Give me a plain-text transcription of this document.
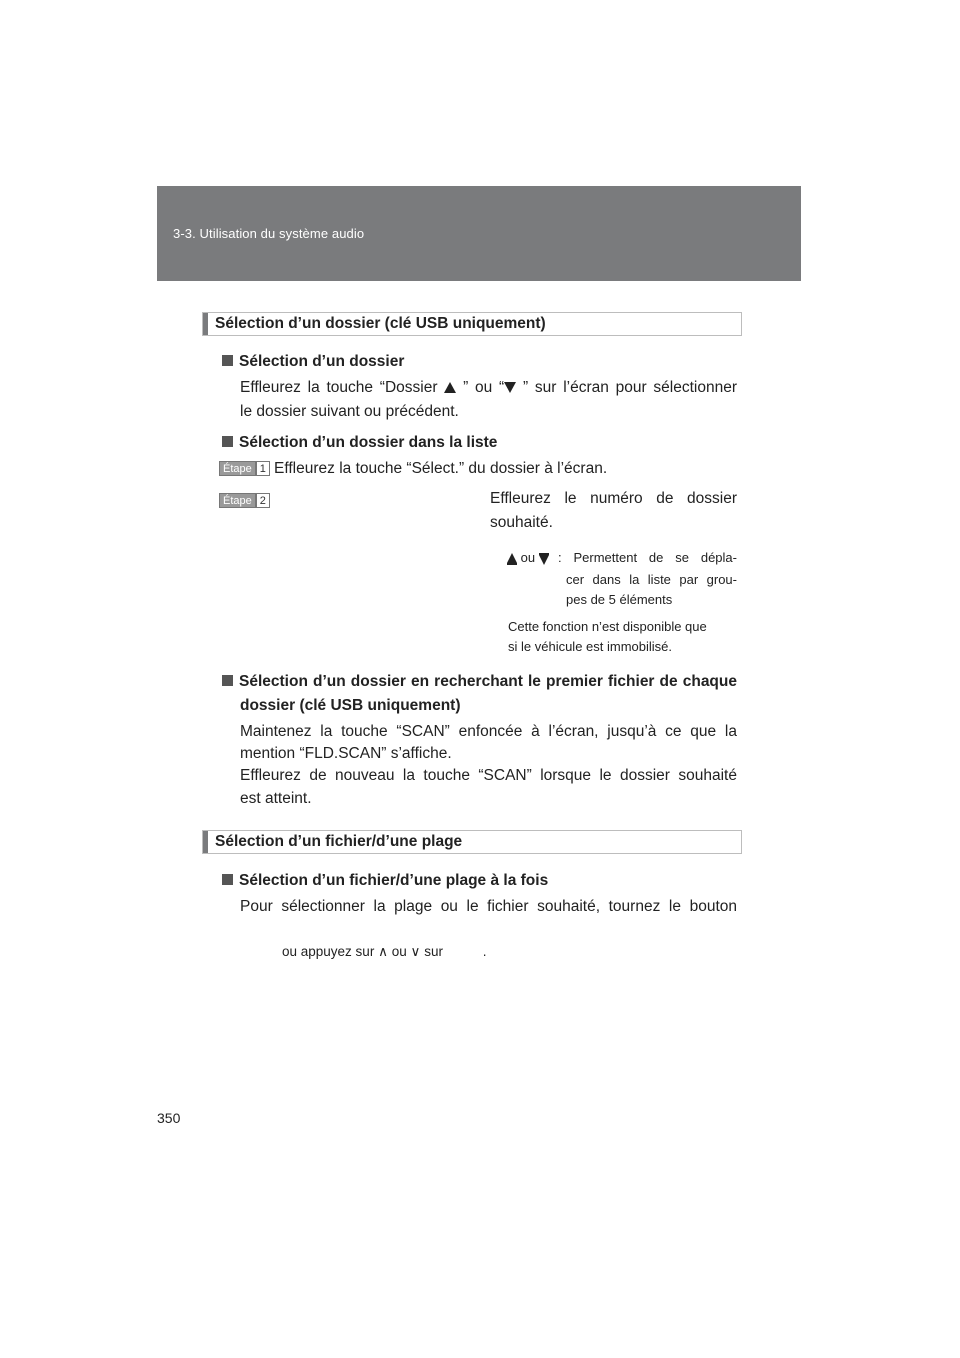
3-3. Utilisation du système audio
Sélection d’un dossier (clé USB uniquement)
Sélection d’un dossier
Effleurez la touche “Dossier ” ou “ ” sur l’écran pour sélectionner
le dossier suivant ou précédent.
Sélection d’un dossier dans la liste
Étape 1 Effleurez la touche “Sélect.” du dossier à l’écran.
Étape 2	Effleurez le numéro de dossier
souhaité.
ou	: Permettent de se dépla-
cer dans la liste par grou-
pes de 5 éléments
Cette fonction n’est disponible que
si le véhicule est immobilisé.
Sélection d’un dossier en recherchant le premier fichier de chaque
dossier (clé USB uniquement)
Maintenez la touche “SCAN” enfoncée à l’écran, jusqu’à ce que la
mention “FLD.SCAN” s’affiche.
Effleurez de nouveau la touche “SCAN” lorsque le dossier souhaité
est atteint.
Sélection d’un fichier/d’une plage
Sélection d’un fichier/d’une plage à la fois
Pour sélectionner la plage ou le fichier souhaité, tournez le bouton
ou appuyez sur ∧ ou ∨ sur	.
350
